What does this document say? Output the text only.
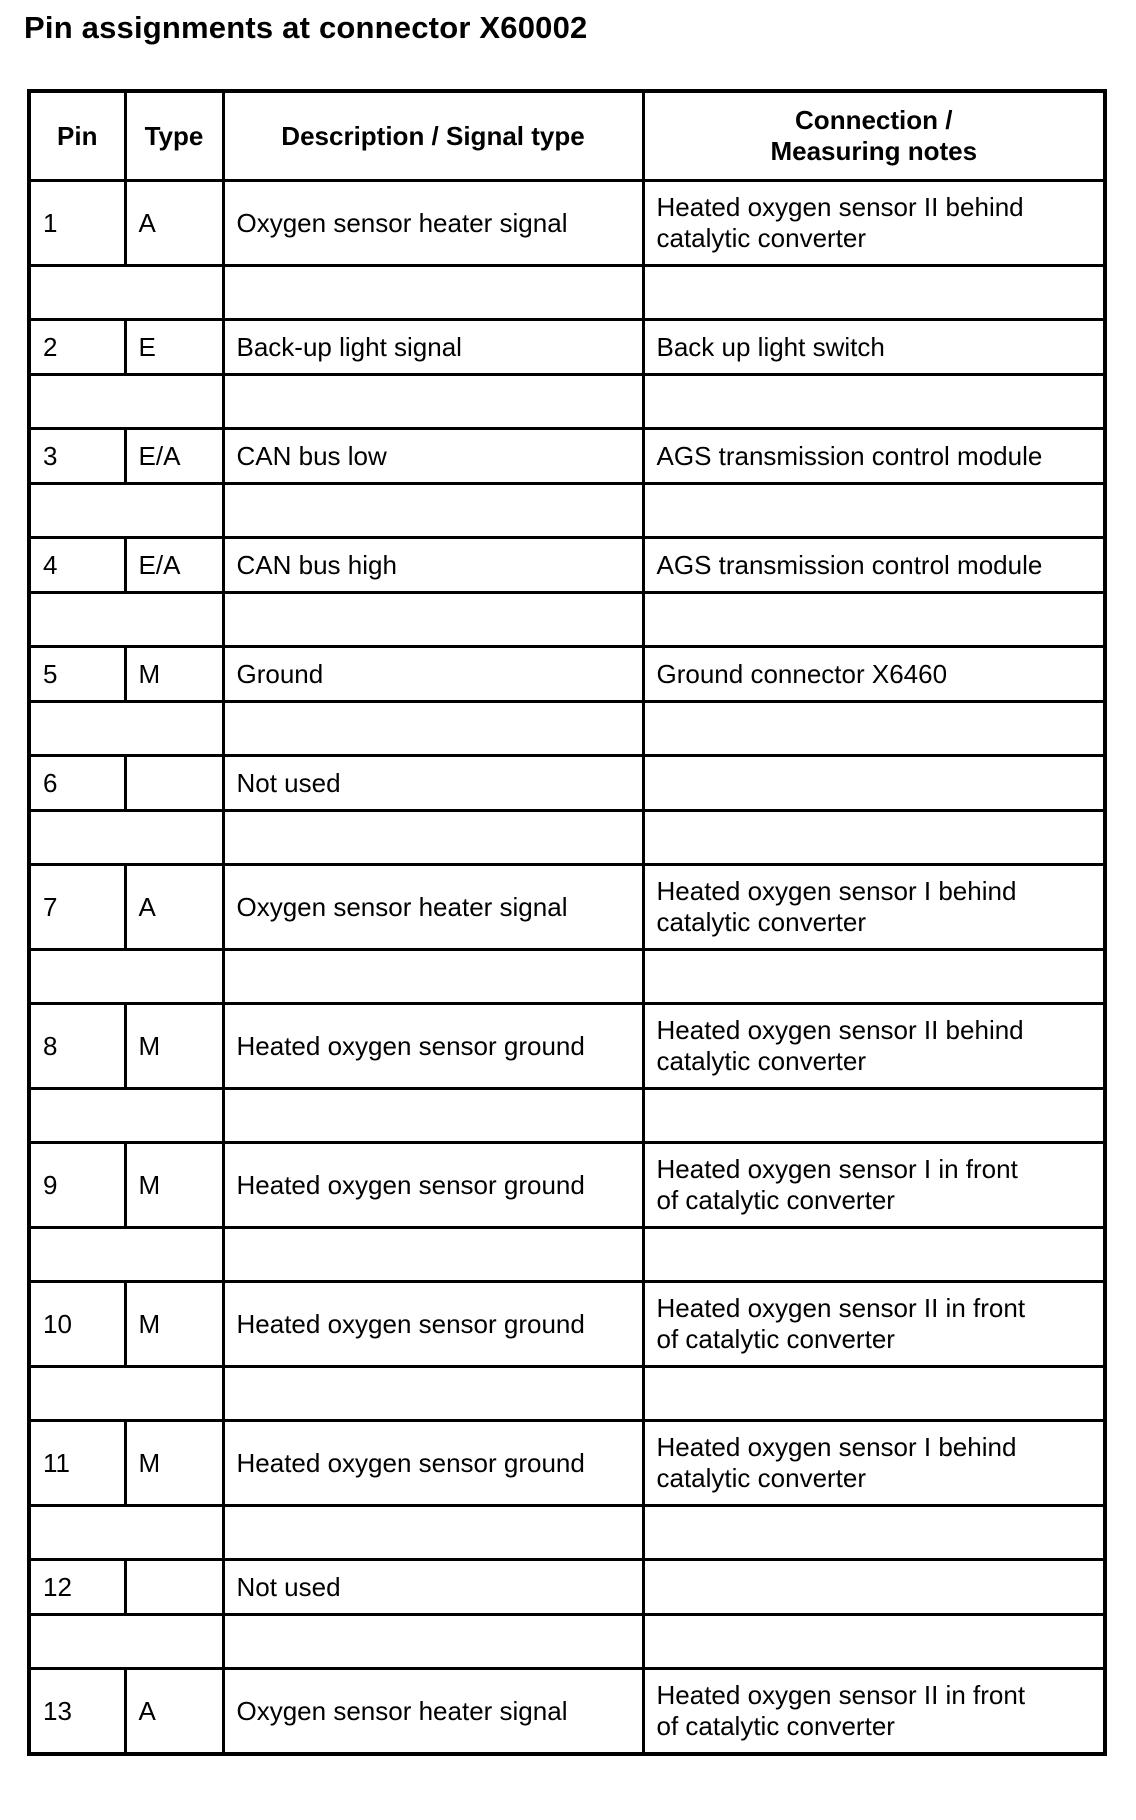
Pin assignments at connector X60002
Pin	Type	Description / Signal type	Connection /
Measuring notes

1	A	Oxygen sensor heater signal	Heated oxygen sensor II behind
catalytic converter

2	E	Back-up light signal	Back up light switch

3	E/A	CAN bus low	AGS transmission control module

4	E/A	CAN bus high	AGS transmission control module

5	M	Ground	Ground connector X6460

6		Not used	

7	A	Oxygen sensor heater signal	Heated oxygen sensor I behind
catalytic converter

8	M	Heated oxygen sensor ground	Heated oxygen sensor II behind
catalytic converter

9	M	Heated oxygen sensor ground	Heated oxygen sensor I in front
of catalytic converter

10	M	Heated oxygen sensor ground	Heated oxygen sensor II in front
of catalytic converter

11	M	Heated oxygen sensor ground	Heated oxygen sensor I behind
catalytic converter

12		Not used	

13	A	Oxygen sensor heater signal	Heated oxygen sensor II in front
of catalytic converter
